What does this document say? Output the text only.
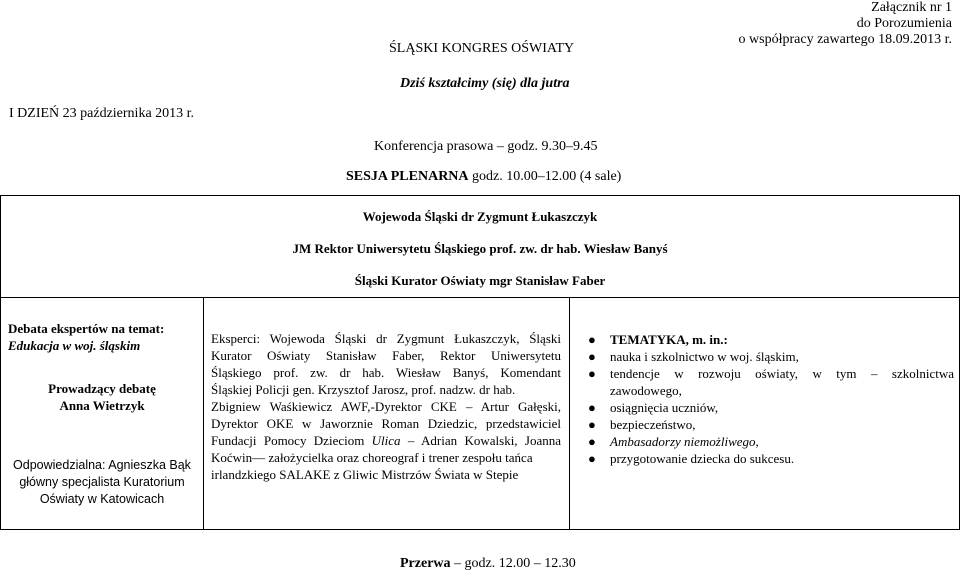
Załącznik nr 1
do Porozumienia
o współpracy zawartego 18.09.2013 r.
ŚLĄSKI KONGRES OŚWIATY
Dziś kształcimy (się) dla jutra
I DZIEŃ 23 października 2013 r.
Konferencja prasowa – godz. 9.30–9.45
SESJA PLENARNA godz. 10.00–12.00 (4 sale)
Wojewoda Śląski dr Zygmunt Łukaszczyk
JM Rektor Uniwersytetu Śląskiego prof. zw. dr hab. Wiesław Banyś
Śląski Kurator Oświaty mgr Stanisław Faber
Debata ekspertów na temat:
Edukacja w woj. śląskim
Prowadzący debatę
Anna Wietrzyk
Odpowiedzialna: Agnieszka Bąk
główny specjalista Kuratorium
Oświaty w Katowicach
Eksperci: Wojewoda Śląski dr Zygmunt Łukaszczyk, Śląski
Kurator Oświaty Stanisław Faber, Rektor Uniwersytetu
Śląskiego prof. zw. dr hab. Wiesław Banyś, Komendant
Śląskiej Policji gen. Krzysztof Jarosz, prof. nadzw. dr hab.
Zbigniew Waśkiewicz AWF,-Dyrektor CKE – Artur Gałęski,
Dyrektor OKE w Jaworznie Roman Dziedzic, przedstawiciel
Fundacji Pomocy Dzieciom Ulica – Adrian Kowalski, Joanna
Koćwin— założycielka oraz choreograf i trener zespołu tańca
irlandzkiego SALAKE z Gliwic Mistrzów Świata w Stepie
● TEMATYKA, m. in.:
● nauka i szkolnictwo w woj. śląskim,
● tendencje w rozwoju oświaty, w tym – szkolnictwa
zawodowego,
● osiągnięcia uczniów,
● bezpieczeństwo,
● Ambasadorzy niemożliwego,
● przygotowanie dziecka do sukcesu.
Przerwa – godz. 12.00 – 12.30
